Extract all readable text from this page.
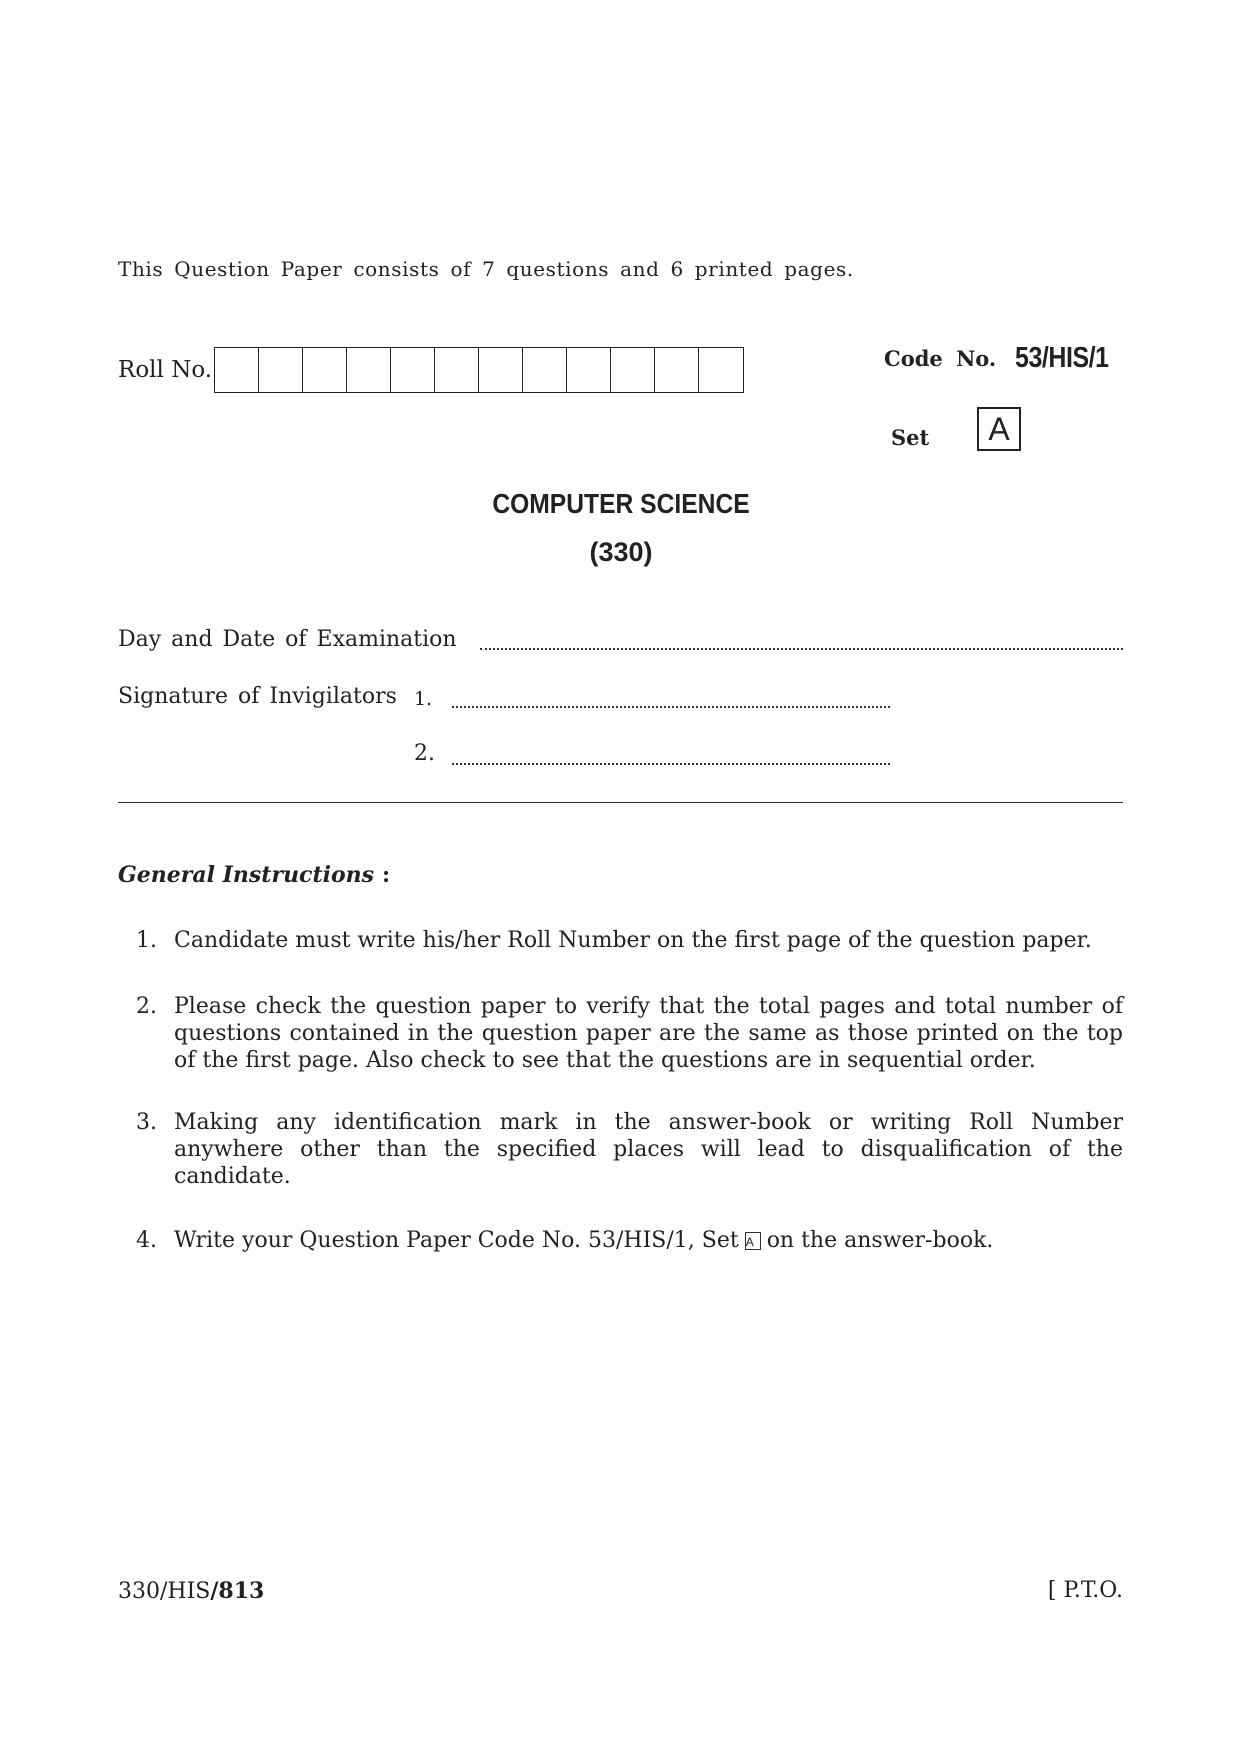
This Question Paper consists of 7 questions and 6 printed pages.
Roll No.	Code No. 53/HIS/1
Set	A
COMPUTER SCIENCE
(330)
Day and Date of Examination
Signature of Invigilators 1.
2.
General Instructions :
1. Candidate must write his/her Roll Number on the first page of the question paper.
2. Please check the question paper to verify that the total pages and total number of questions contained in the question paper are the same as those printed on the top of the first page. Also check to see that the questions are in sequential order.
3. Making any identification mark in the answer-book or writing Roll Number anywhere other than the specified places will lead to disqualification of the candidate.
4. Write your Question Paper Code No. 53/HIS/1, Set A on the answer-book.
330/HIS/813	[ P.T.O.
